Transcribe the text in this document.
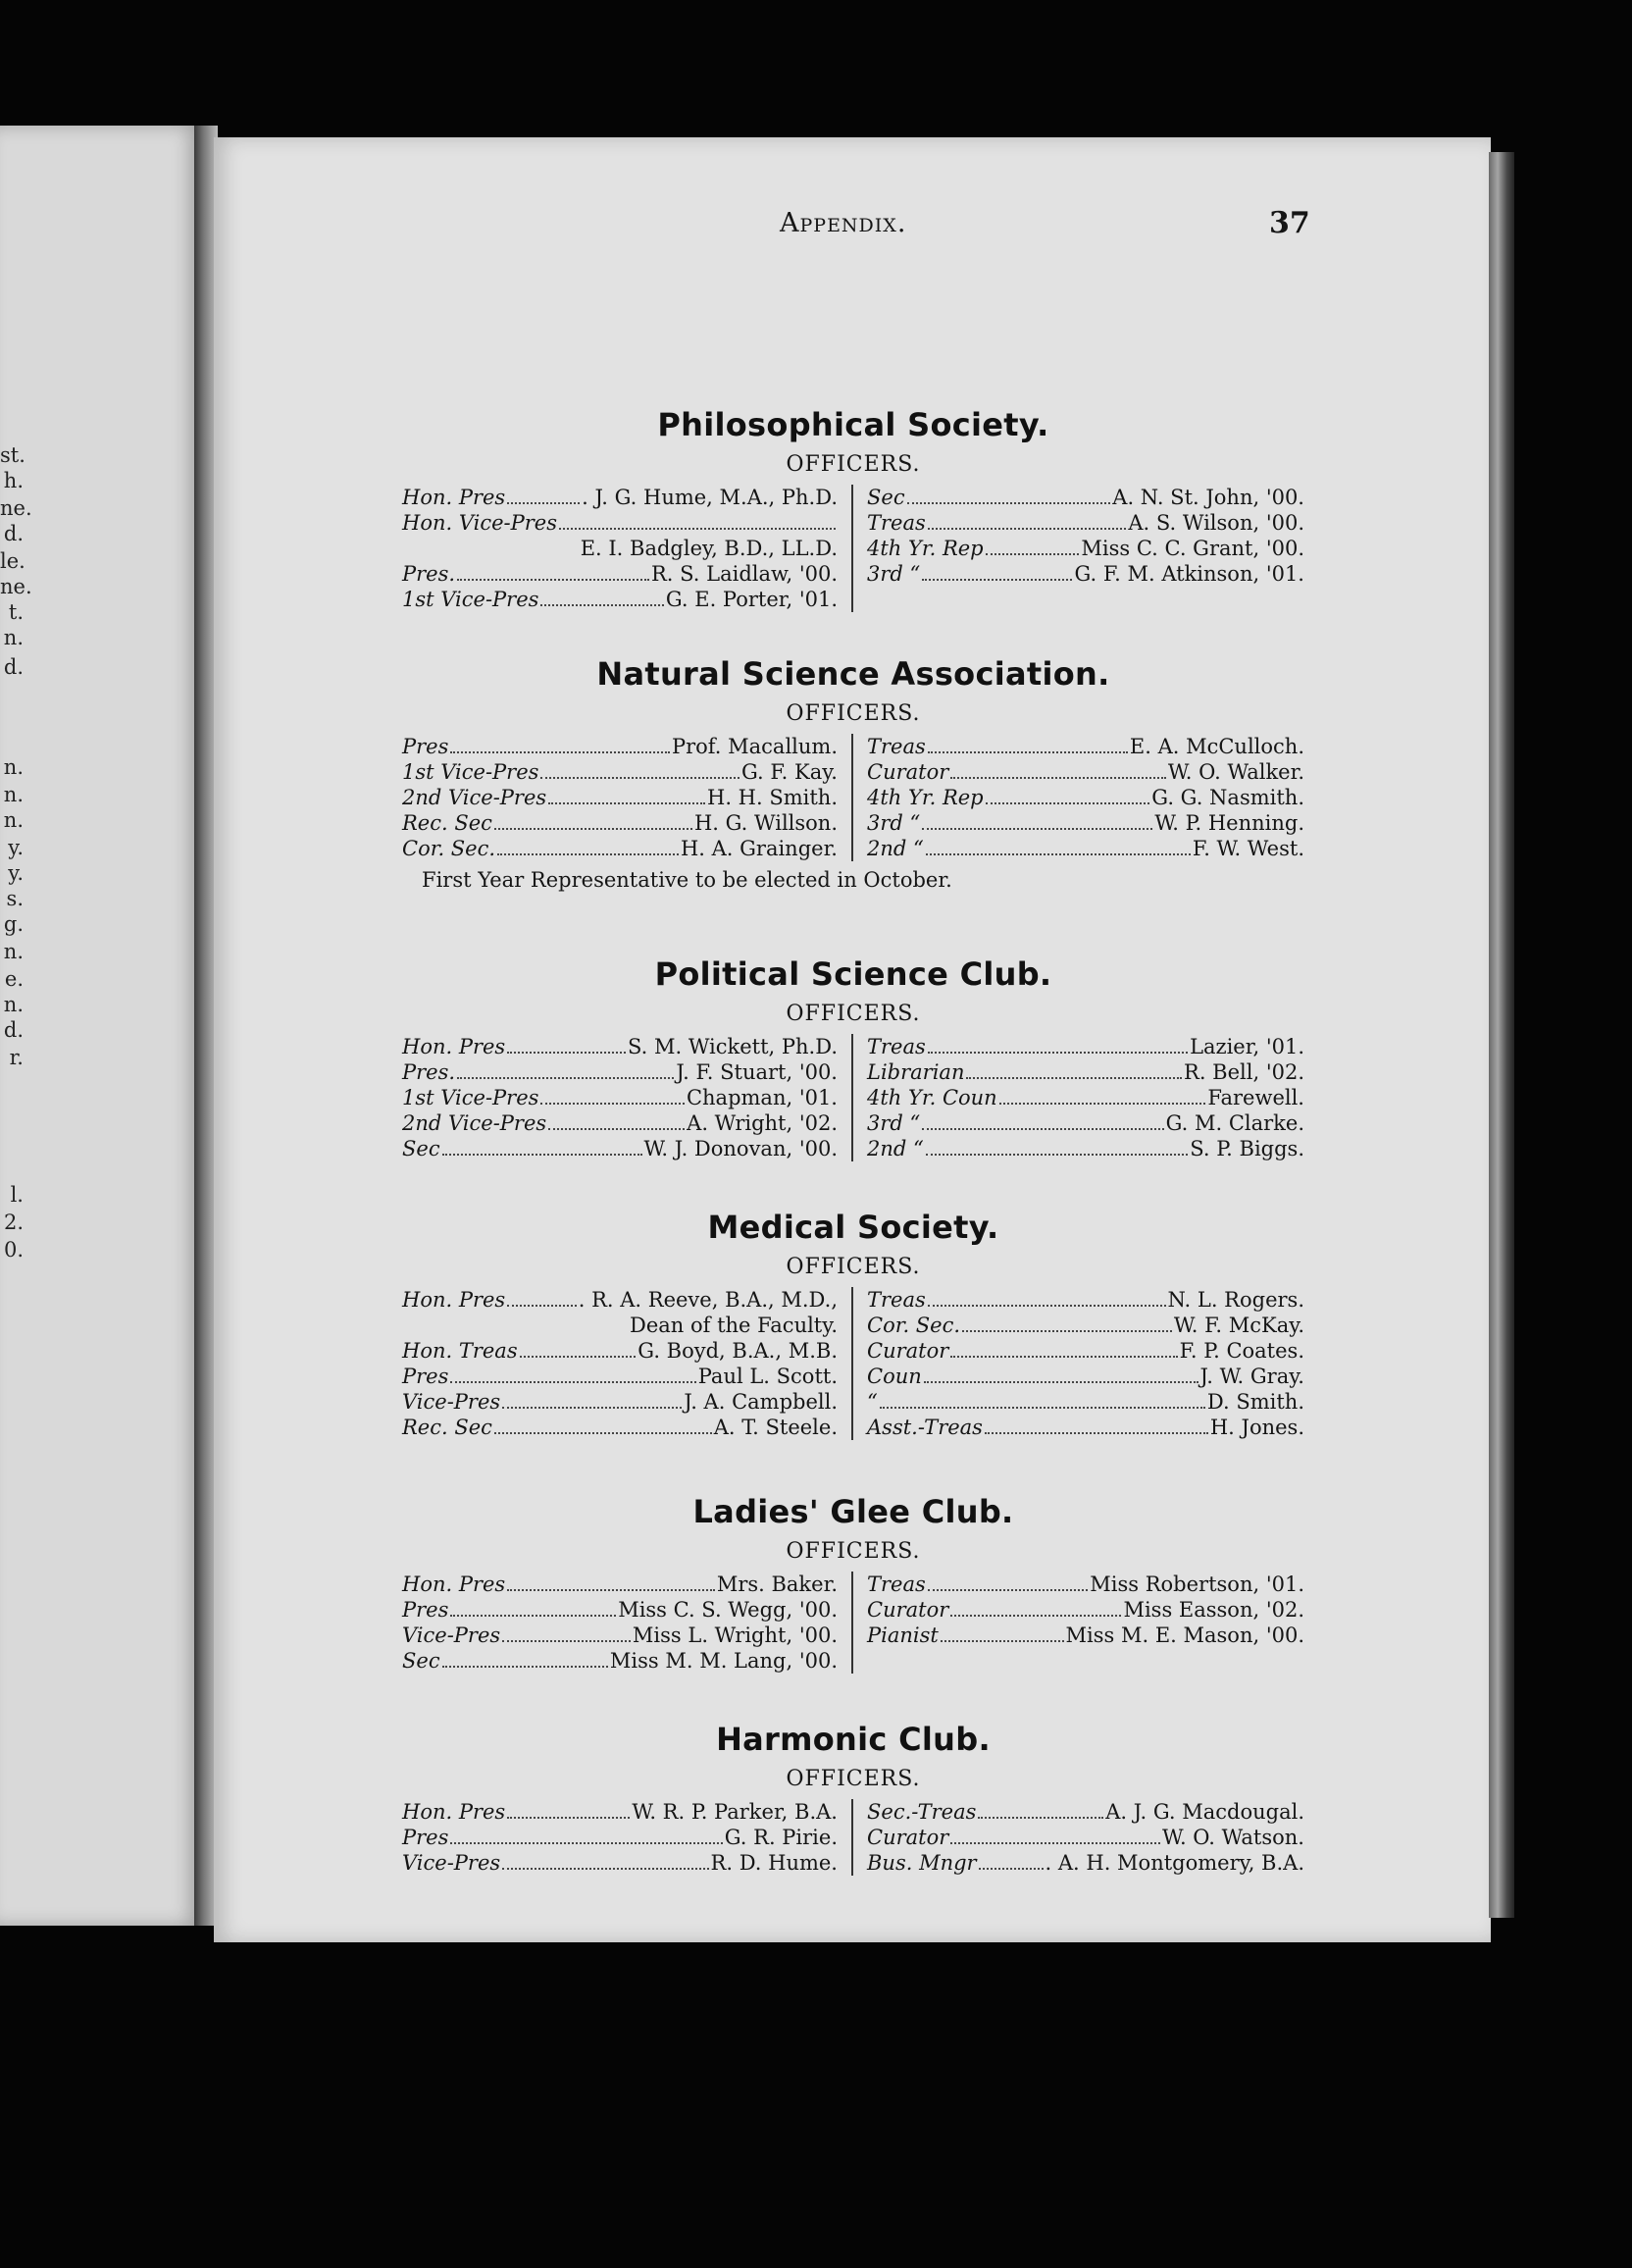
st.
h.
ne.
d.
le.
ne.
t.
n.
d.
n.
n.
n.
y.
y.
s.
g.
n.
e.
n.
d.
r.
l.
2.
0.
Appendix.	37
Philosophical Society.
OFFICERS.
Hon. Pres	. J. G. Hume, M.A., Ph.D.
Hon. Vice-Pres
E. I. Badgley, B.D., LL.D.
Pres.	R. S. Laidlaw, '00.
1st Vice-Pres	G. E. Porter, '01.
Sec	A. N. St. John, '00.
Treas	A. S. Wilson, '00.
4th Yr. Rep	Miss C. C. Grant, '00.
3rd “	G. F. M. Atkinson, '01.
Natural Science Association.
OFFICERS.
Pres	Prof. Macallum.
1st Vice-Pres	G. F. Kay.
2nd Vice-Pres	H. H. Smith.
Rec. Sec	H. G. Willson.
Cor. Sec.	H. A. Grainger.
Treas	E. A. McCulloch.
Curator	W. O. Walker.
4th Yr. Rep	G. G. Nasmith.
3rd “	W. P. Henning.
2nd “	F. W. West.
First Year Representative to be elected in October.
Political Science Club.
OFFICERS.
Hon. Pres	S. M. Wickett, Ph.D.
Pres.	J. F. Stuart, '00.
1st Vice-Pres	Chapman, '01.
2nd Vice-Pres	A. Wright, '02.
Sec	W. J. Donovan, '00.
Treas	Lazier, '01.
Librarian	R. Bell, '02.
4th Yr. Coun	Farewell.
3rd “	G. M. Clarke.
2nd “	S. P. Biggs.
Medical Society.
OFFICERS.
Hon. Pres	. R. A. Reeve, B.A., M.D.,
Dean of the Faculty.
Hon. Treas	G. Boyd, B.A., M.B.
Pres	Paul L. Scott.
Vice-Pres	J. A. Campbell.
Rec. Sec	A. T. Steele.
Treas	N. L. Rogers.
Cor. Sec.	W. F. McKay.
Curator	F. P. Coates.
Coun	J. W. Gray.
“	D. Smith.
Asst.-Treas	H. Jones.
Ladies' Glee Club.
OFFICERS.
Hon. Pres	Mrs. Baker.
Pres	Miss C. S. Wegg, '00.
Vice-Pres	Miss L. Wright, '00.
Sec	Miss M. M. Lang, '00.
Treas	Miss Robertson, '01.
Curator	Miss Easson, '02.
Pianist	Miss M. E. Mason, '00.
Harmonic Club.
OFFICERS.
Hon. Pres	W. R. P. Parker, B.A.
Pres	G. R. Pirie.
Vice-Pres	R. D. Hume.
Sec.-Treas	A. J. G. Macdougal.
Curator	W. O. Watson.
Bus. Mngr	. A. H. Montgomery, B.A.
